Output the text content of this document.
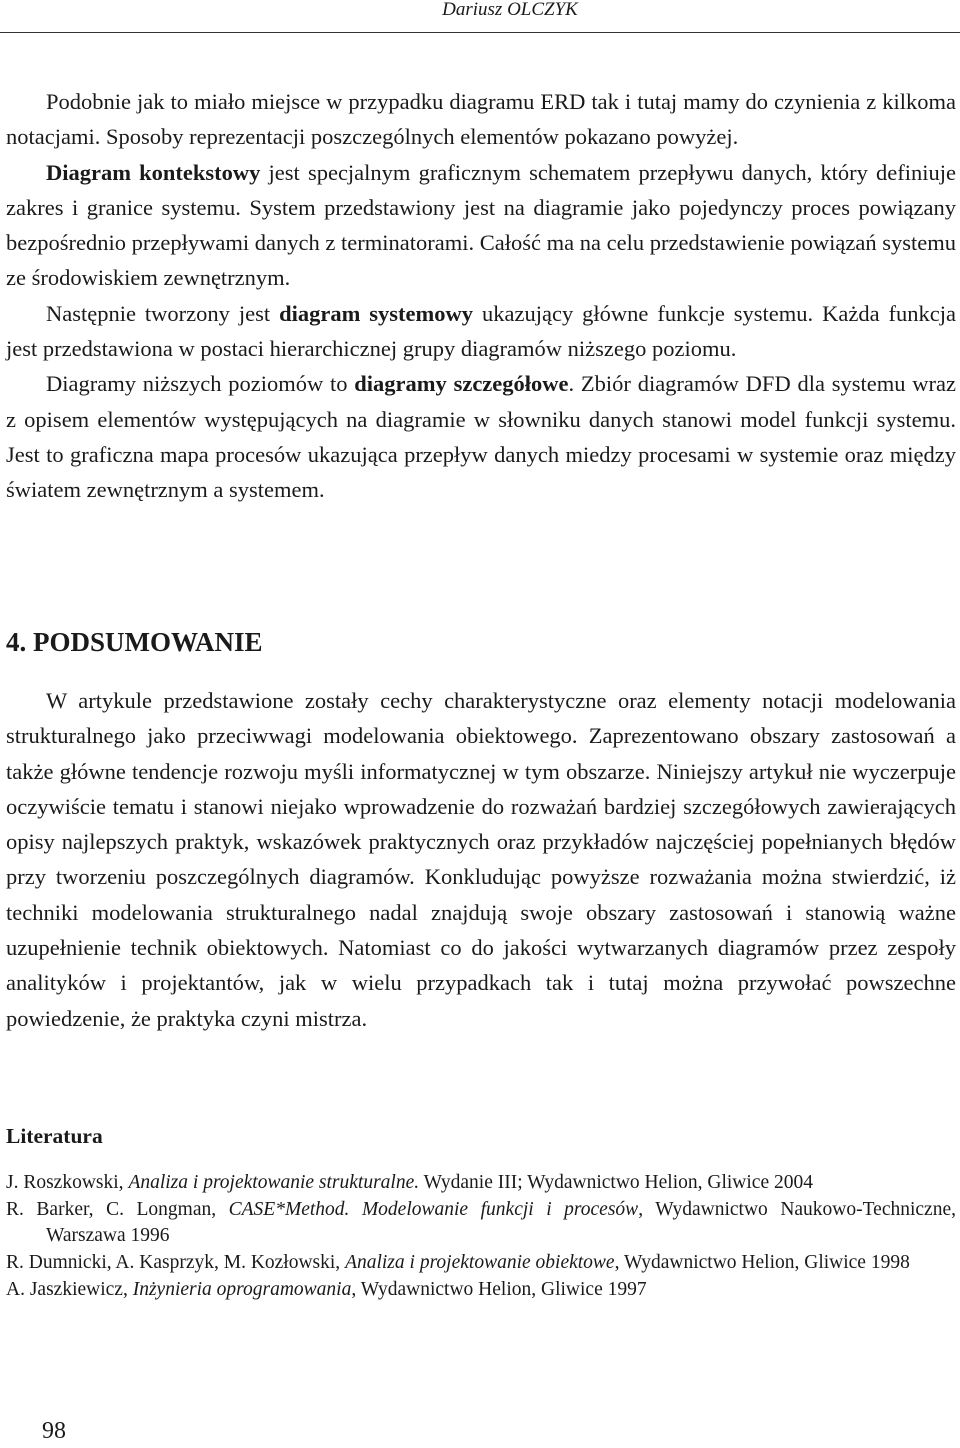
Dariusz OLCZYK

Podobnie jak to miało miejsce w przypadku diagramu ERD tak i tutaj mamy do czynienia z kilkoma notacjami. Sposoby reprezentacji poszczególnych elementów pokazano powyżej.

Diagram kontekstowy jest specjalnym graficznym schematem przepływu danych, który definiuje zakres i granice systemu. System przedstawiony jest na diagramie jako pojedynczy proces powiązany bezpośrednio przepływami danych z terminatorami. Całość ma na celu przedstawienie powiązań systemu ze środowiskiem zewnętrznym.

Następnie tworzony jest diagram systemowy ukazujący główne funkcje systemu. Każda funkcja jest przedstawiona w postaci hierarchicznej grupy diagramów niższego poziomu.

Diagramy niższych poziomów to diagramy szczegółowe. Zbiór diagramów DFD dla systemu wraz z opisem elementów występujących na diagramie w słowniku danych stanowi model funkcji systemu. Jest to graficzna mapa procesów ukazująca przepływ danych miedzy procesami w systemie oraz między światem zewnętrznym a systemem.

4. PODSUMOWANIE

W artykule przedstawione zostały cechy charakterystyczne oraz elementy notacji modelowania strukturalnego jako przeciwwagi modelowania obiektowego. Zaprezentowano obszary zastosowań a także główne tendencje rozwoju myśli informatycznej w tym obszarze. Niniejszy artykuł nie wyczerpuje oczywiście tematu i stanowi niejako wprowadzenie do rozważań bardziej szczegółowych zawierających opisy najlepszych praktyk, wskazówek praktycznych oraz przykładów najczęściej popełnianych błędów przy tworzeniu poszczególnych diagramów. Konkludując powyższe rozważania można stwierdzić, iż techniki modelowania strukturalnego nadal znajdują swoje obszary zastosowań i stanowią ważne uzupełnienie technik obiektowych. Natomiast co do jakości wytwarzanych diagramów przez zespoły analityków i projektantów, jak w wielu przypadkach tak i tutaj można przywołać powszechne powiedzenie, że praktyka czyni mistrza.

Literatura
J. Roszkowski, Analiza i projektowanie strukturalne. Wydanie III; Wydawnictwo Helion, Gliwice 2004
R. Barker, C. Longman, CASE*Method. Modelowanie funkcji i procesów, Wydawnictwo Naukowo-Techniczne, Warszawa 1996
R. Dumnicki, A. Kasprzyk, M. Kozłowski, Analiza i projektowanie obiektowe, Wydawnictwo Helion, Gliwice 1998
A. Jaszkiewicz, Inżynieria oprogramowania, Wydawnictwo Helion, Gliwice 1997
98
